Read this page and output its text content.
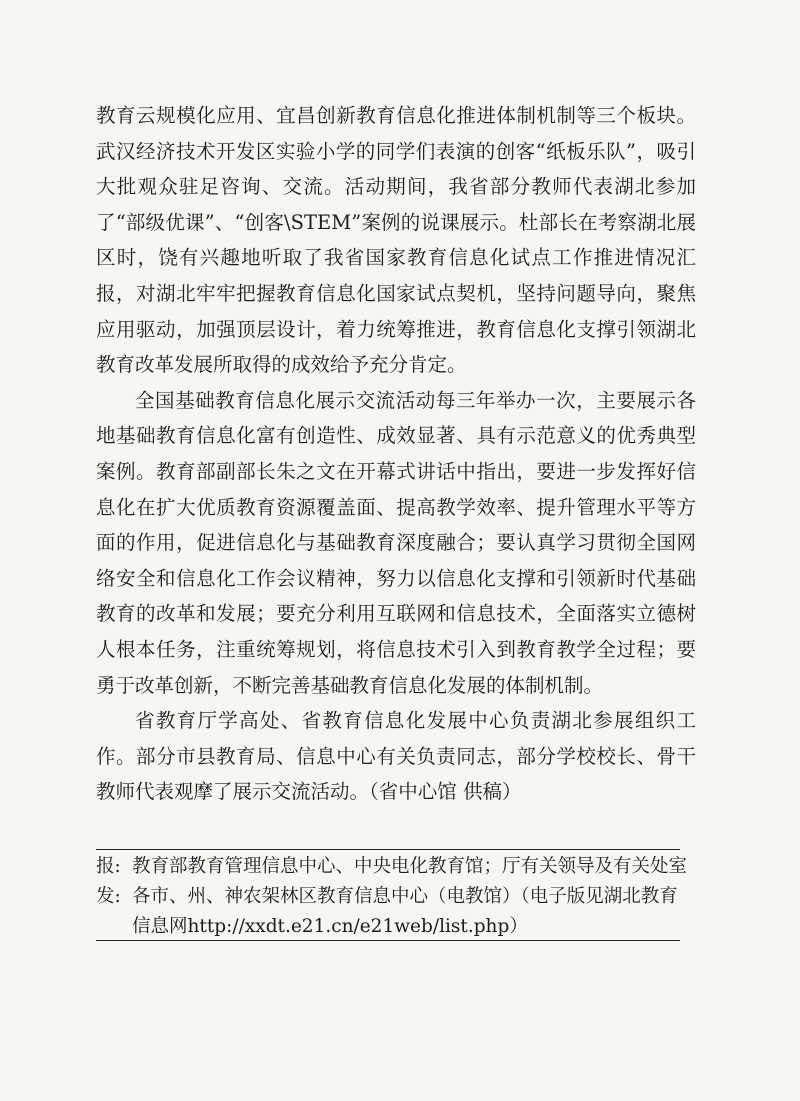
教育云规模化应用、宜昌创新教育信息化推进体制机制等三个板块。武汉经济技术开发区实验小学的同学们表演的创客“纸板乐队”，吸引大批观众驻足咨询、交流。活动期间，我省部分教师代表湖北参加了“部级优课”、“创客\STEM”案例的说课展示。杜部长在考察湖北展区时，饶有兴趣地听取了我省国家教育信息化试点工作推进情况汇报，对湖北牢牢把握教育信息化国家试点契机，坚持问题导向，聚焦应用驱动，加强顶层设计，着力统筹推进，教育信息化支撑引领湖北教育改革发展所取得的成效给予充分肯定。

全国基础教育信息化展示交流活动每三年举办一次，主要展示各地基础教育信息化富有创造性、成效显著、具有示范意义的优秀典型案例。教育部副部长朱之文在开幕式讲话中指出，要进一步发挥好信息化在扩大优质教育资源覆盖面、提高教学效率、提升管理水平等方面的作用，促进信息化与基础教育深度融合；要认真学习贯彻全国网络安全和信息化工作会议精神，努力以信息化支撑和引领新时代基础教育的改革和发展；要充分利用互联网和信息技术，全面落实立德树人根本任务，注重统筹规划，将信息技术引入到教育教学全过程；要勇于改革创新，不断完善基础教育信息化发展的体制机制。

省教育厅学高处、省教育信息化发展中心负责湖北参展组织工作。部分市县教育局、信息中心有关负责同志，部分学校校长、骨干教师代表观摩了展示交流活动。（省中心馆 供稿）

报: 教育部教育管理信息中心、中央电化教育馆；厅有关领导及有关处室
发: 各市、州、神农架林区教育信息中心（电教馆）（电子版见湖北教育信息网http://xxdt.e21.cn/e21web/list.php）
